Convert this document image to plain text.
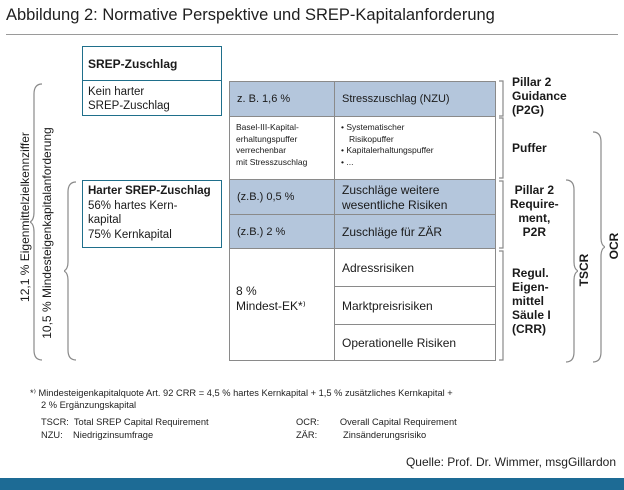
Abbildung 2: Normative Perspektive und SREP-Kapitalanforderung
12,1 % Eigenmittelzielkennziffer 10,5 % Mindesteigenkapitalanforderung
SREP-Zuschlag
Kein harter
SREP-Zuschlag
Harter SREP-Zuschlag
56% hartes Kern-
kapital
75% Kernkapital
z. B. 1,6 %	Stresszuschlag (NZU)
Basel-III-Kapital-
erhaltungspuffer
verrechenbar
mit Stresszuschlag
• Systematischer
Risikopuffer
• Kapitalerhaltungspuffer
• ...
(z.B.) 0,5 %	Zuschläge weitere
wesentliche Risiken
(z.B.) 2 %	Zuschläge für ZÄR
8 %
Mindest-EK*⁾
Adressrisiken
Marktpreisrisiken
Operationelle Risiken
Pillar 2
Guidance
(P2G)
Puffer
Pillar 2
Require-
ment,
P2R
Regul.
Eigen-
mittel
Säule I
(CRR)
TSCR
OCR
*⁾ Mindesteigenkapitalquote Art. 92 CRR = 4,5 % hartes Kernkapital + 1,5 % zusätzliches Kernkapital +
2 % Ergänzungskapital
TSCR: Total SREP Capital Requirement
NZU: Niedrigzinsumfrage
OCR: Overall Capital Requirement
ZÄR:	Zinsänderungsrisiko
Quelle: Prof. Dr. Wimmer, msgGillardon
